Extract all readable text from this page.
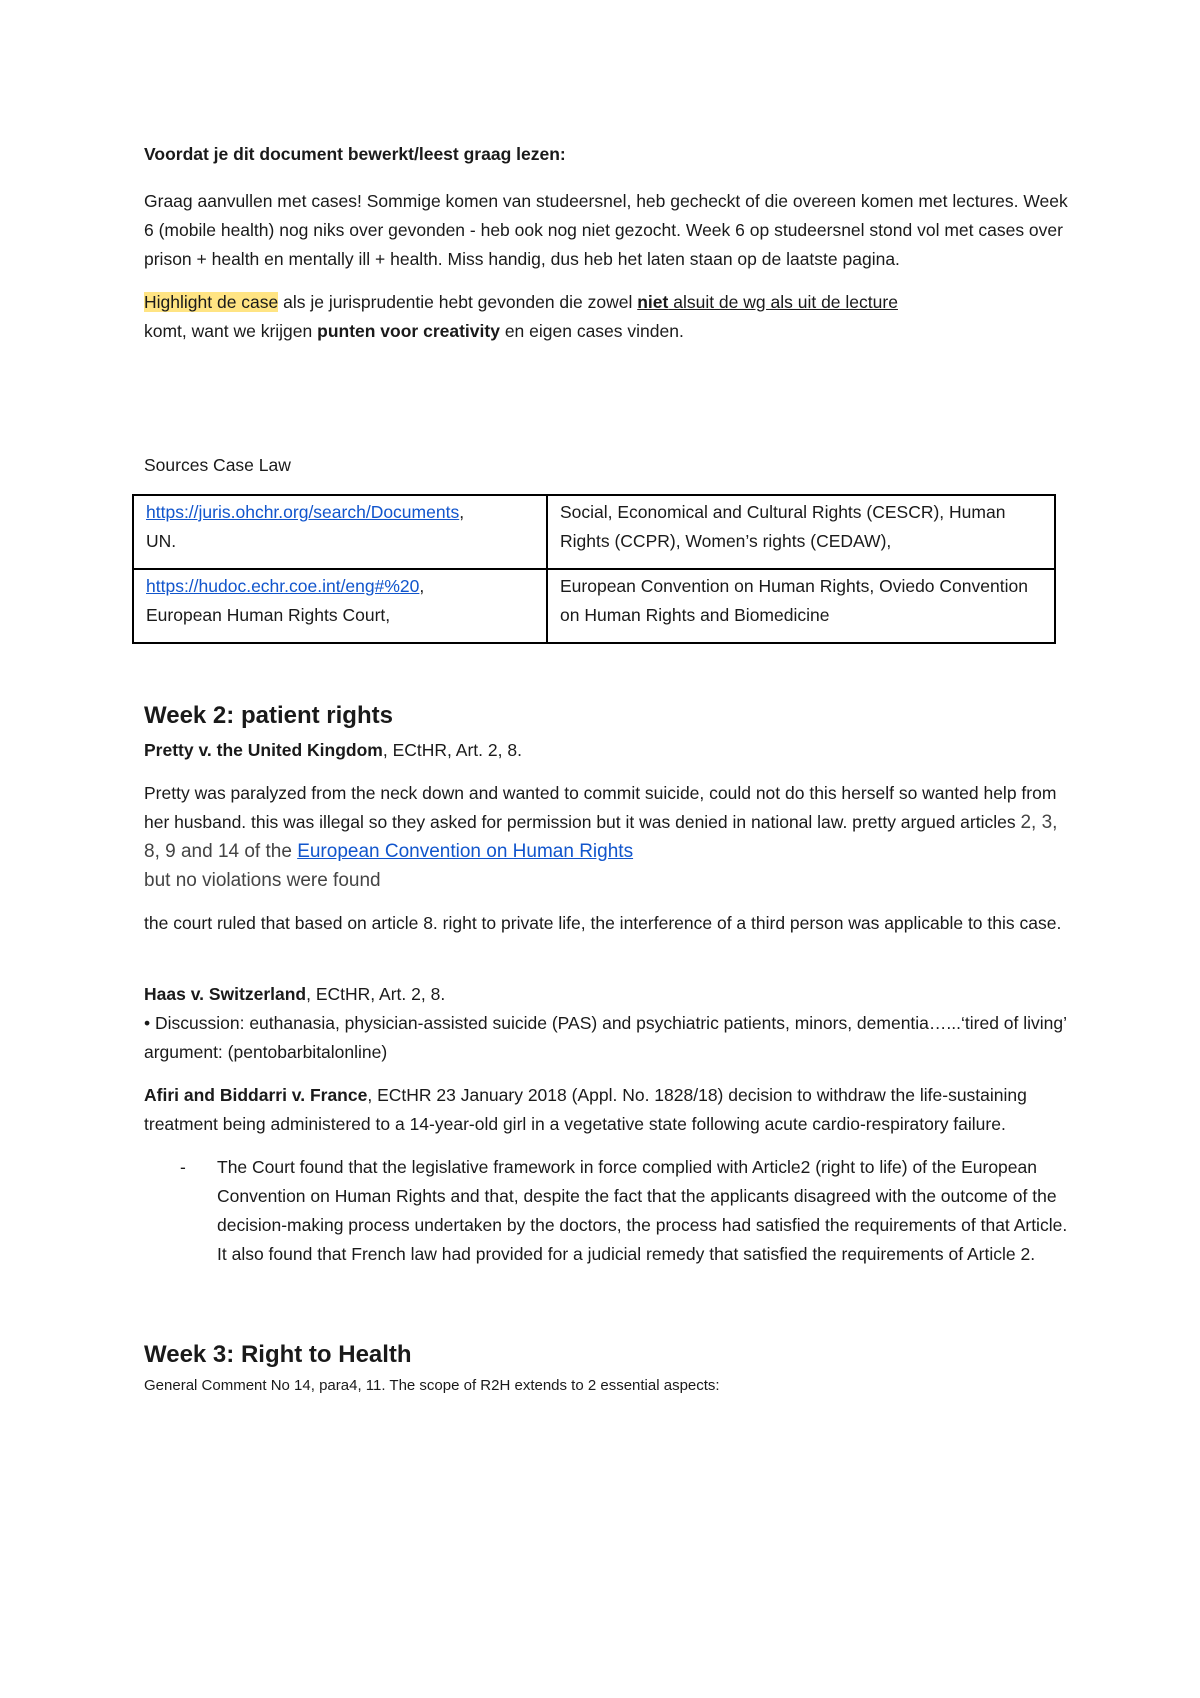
Voordat je dit document bewerkt/leest graag lezen:

Graag aanvullen met cases! Sommige komen van studeersnel, heb gecheckt of die overeen komen met lectures. Week 6 (mobile health) nog niks over gevonden - heb ook nog niet gezocht. Week 6 op studeersnel stond vol met cases over prison + health en mentally ill + health. Miss handig, dus heb het laten staan op de laatste pagina.

Highlight de case als je jurisprudentie hebt gevonden die zowel niet alsuit de wg als uit de lecture
komt, want we krijgen punten voor creativity en eigen cases vinden.

Sources Case Law

https://juris.ohchr.org/search/Documents,
UN.	Social, Economical and Cultural Rights (CESCR), Human Rights (CCPR), Women’s rights (CEDAW),
https://hudoc.echr.coe.int/eng#%20,
European Human Rights Court,	European Convention on Human Rights, Oviedo Convention on Human Rights and Biomedicine
Week 2: patient rights

Pretty v. the United Kingdom, ECtHR, Art. 2, 8.

Pretty was paralyzed from the neck down and wanted to commit suicide, could not do this herself so wanted help from her husband. this was illegal so they asked for permission but it was denied in national law. pretty argued articles 2, 3, 8, 9 and 14 of the European Convention on Human Rights
but no violations were found

the court ruled that based on article 8. right to private life, the interference of a third person was applicable to this case.

Haas v. Switzerland, ECtHR, Art. 2, 8.

• Discussion: euthanasia, physician-assisted suicide (PAS) and psychiatric patients, minors, dementia…...‘tired of living’ argument: (pentobarbitalonline)

Afiri and Biddarri v. France, ECtHR 23 January 2018 (Appl. No. 1828/18) decision to withdraw the life-sustaining treatment being administered to a 14-year-old girl in a vegetative state following acute cardio-respiratory failure.

- The Court found that the legislative framework in force complied with Article2 (right to life) of the European Convention on Human Rights and that, despite the fact that the applicants disagreed with the outcome of the decision-making process undertaken by the doctors, the process had satisfied the requirements of that Article. It also found that French law had provided for a judicial remedy that satisfied the requirements of Article 2.

Week 3: Right to Health

General Comment No 14, para4, 11. The scope of R2H extends to 2 essential aspects:
